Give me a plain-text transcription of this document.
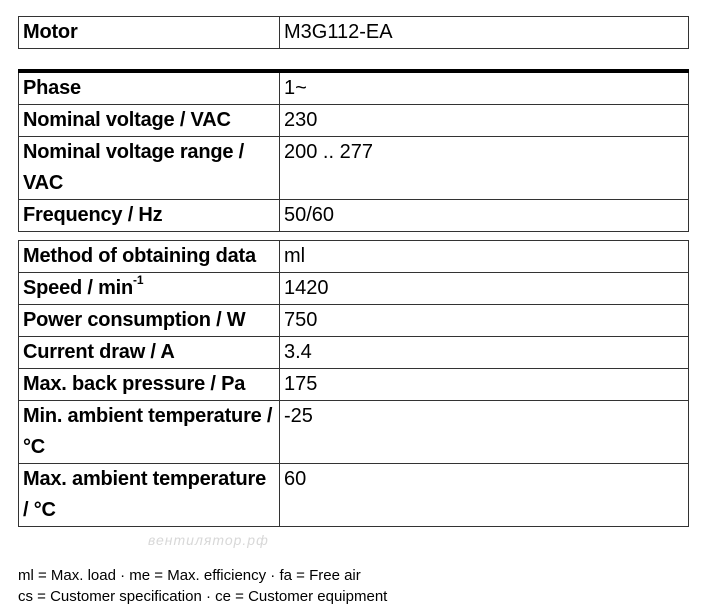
Motor	M3G112-EA
Phase	1~
Nominal voltage / VAC	230
Nominal voltage range / VAC	200 .. 277
Frequency / Hz	50/60
Method of obtaining data	ml
Speed / $\min^{-1}$	1420
Power consumption / W	750
Current draw / A	3.4
Max. back pressure / Pa	175
Min. ambient temperature / °C	-25
Max. ambient temperature / °C	60
вентилятор.рф
ml = Max. load · me = Max. efficiency · fa = Free air
cs = Customer specification · ce = Customer equipment
